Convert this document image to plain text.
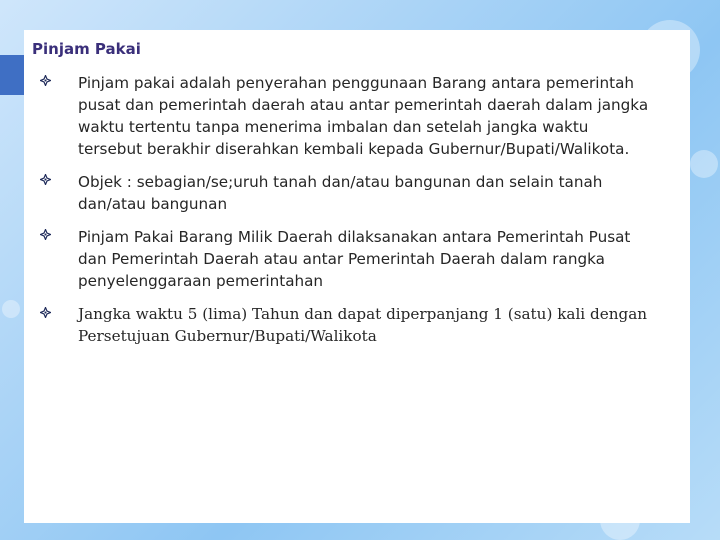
Pinjam Pakai
Pinjam pakai adalah penyerahan penggunaan Barang antara pemerintah pusat dan pemerintah daerah atau antar pemerintah daerah dalam jangka waktu tertentu tanpa menerima imbalan dan setelah jangka waktu tersebut berakhir diserahkan kembali kepada Gubernur/Bupati/Walikota.
Objek : sebagian/se;uruh tanah dan/atau bangunan dan selain tanah dan/atau bangunan
Pinjam Pakai Barang Milik Daerah dilaksanakan antara Pemerintah Pusat dan Pemerintah Daerah atau antar Pemerintah Daerah dalam rangka penyelenggaraan pemerintahan
Jangka waktu 5 (lima) Tahun dan dapat diperpanjang 1 (satu) kali dengan Persetujuan Gubernur/Bupati/Walikota
